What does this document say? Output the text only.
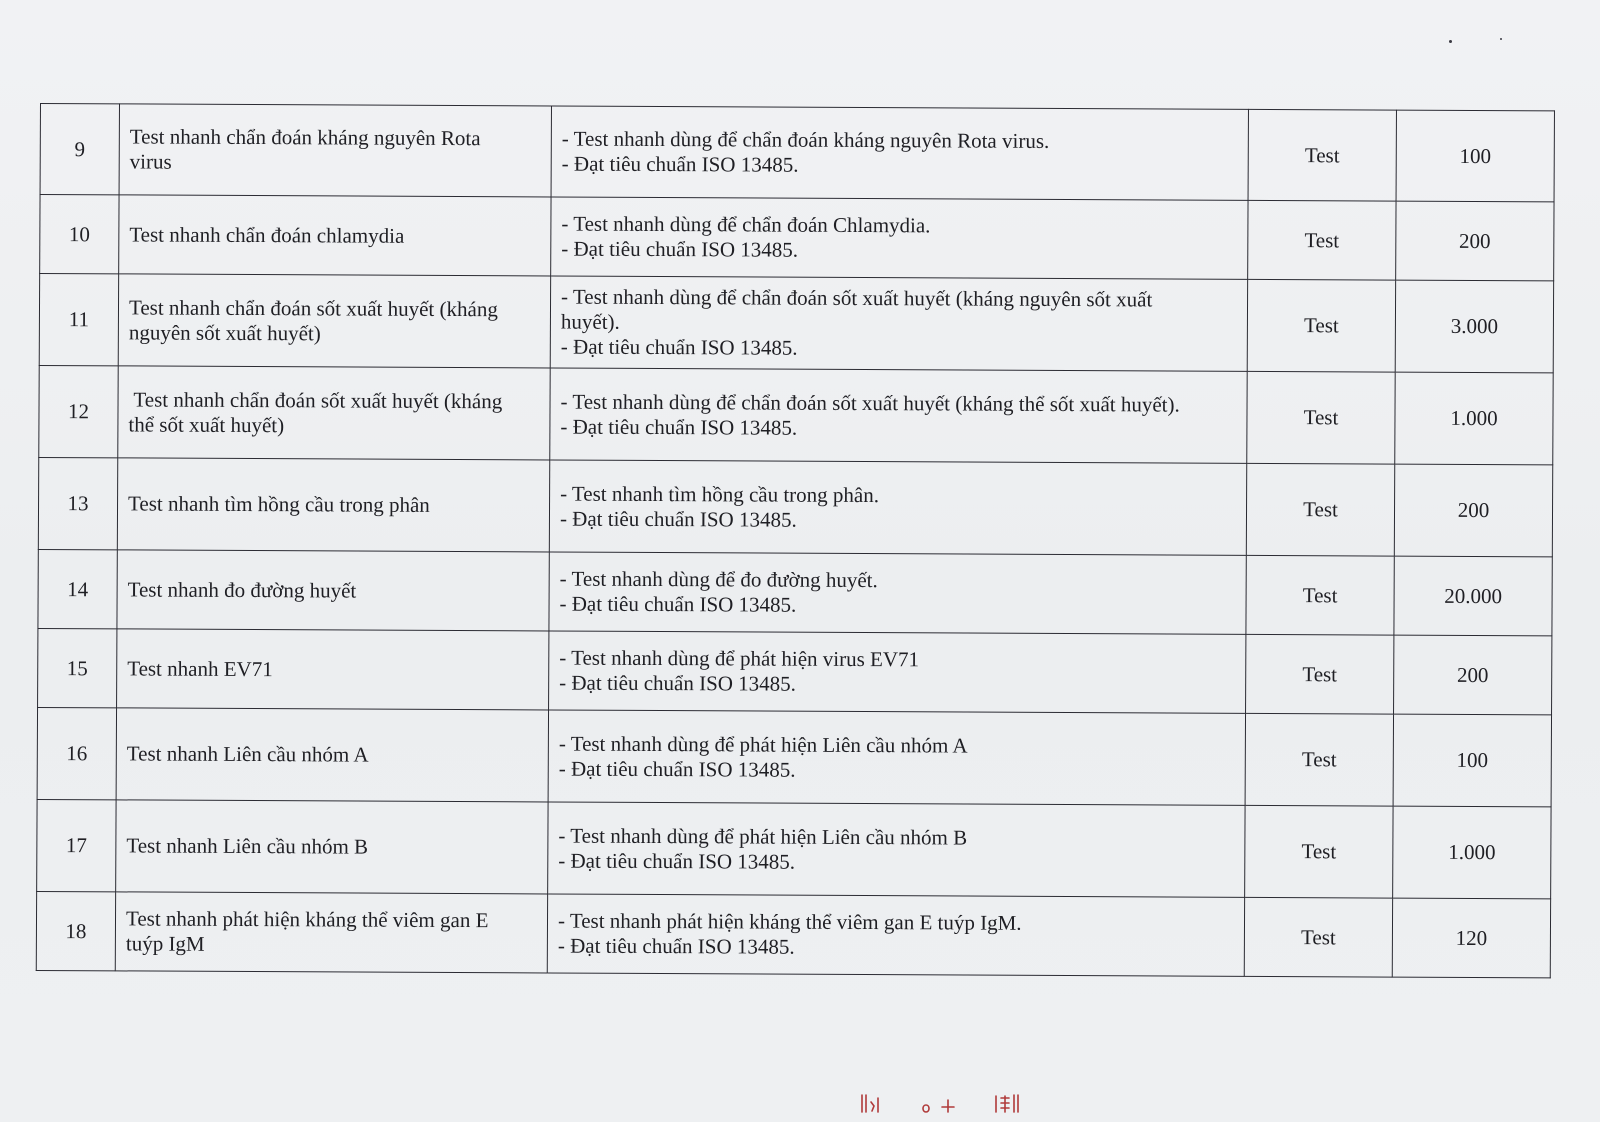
9	Test nhanh chẩn đoán kháng nguyên Rota
virus	- Test nhanh dùng để chẩn đoán kháng nguyên Rota virus.
- Đạt tiêu chuẩn ISO 13485.	Test	100
10	Test nhanh chẩn đoán chlamydia	- Test nhanh dùng để chẩn đoán Chlamydia.
- Đạt tiêu chuẩn ISO 13485.	Test	200
11	Test nhanh chẩn đoán sốt xuất huyết (kháng
nguyên sốt xuất huyết)	- Test nhanh dùng để chẩn đoán sốt xuất huyết (kháng nguyên sốt xuất
huyết).
- Đạt tiêu chuẩn ISO 13485.	Test	3.000
12	Test nhanh chẩn đoán sốt xuất huyết (kháng
thể sốt xuất huyết)	- Test nhanh dùng để chẩn đoán sốt xuất huyết (kháng thể sốt xuất huyết).
- Đạt tiêu chuẩn ISO 13485.	Test	1.000
13	Test nhanh tìm hồng cầu trong phân	- Test nhanh tìm hồng cầu trong phân.
- Đạt tiêu chuẩn ISO 13485.	Test	200
14	Test nhanh đo đường huyết	- Test nhanh dùng để đo đường huyết.
- Đạt tiêu chuẩn ISO 13485.	Test	20.000
15	Test nhanh EV71	- Test nhanh dùng để phát hiện virus EV71
- Đạt tiêu chuẩn ISO 13485.	Test	200
16	Test nhanh Liên cầu nhóm A	- Test nhanh dùng để phát hiện Liên cầu nhóm A
- Đạt tiêu chuẩn ISO 13485.	Test	100
17	Test nhanh Liên cầu nhóm B	- Test nhanh dùng để phát hiện Liên cầu nhóm B
- Đạt tiêu chuẩn ISO 13485.	Test	1.000
18	Test nhanh phát hiện kháng thể viêm gan E
tuýp IgM	- Test nhanh phát hiện kháng thể viêm gan E tuýp IgM.
- Đạt tiêu chuẩn ISO 13485.	Test	120
